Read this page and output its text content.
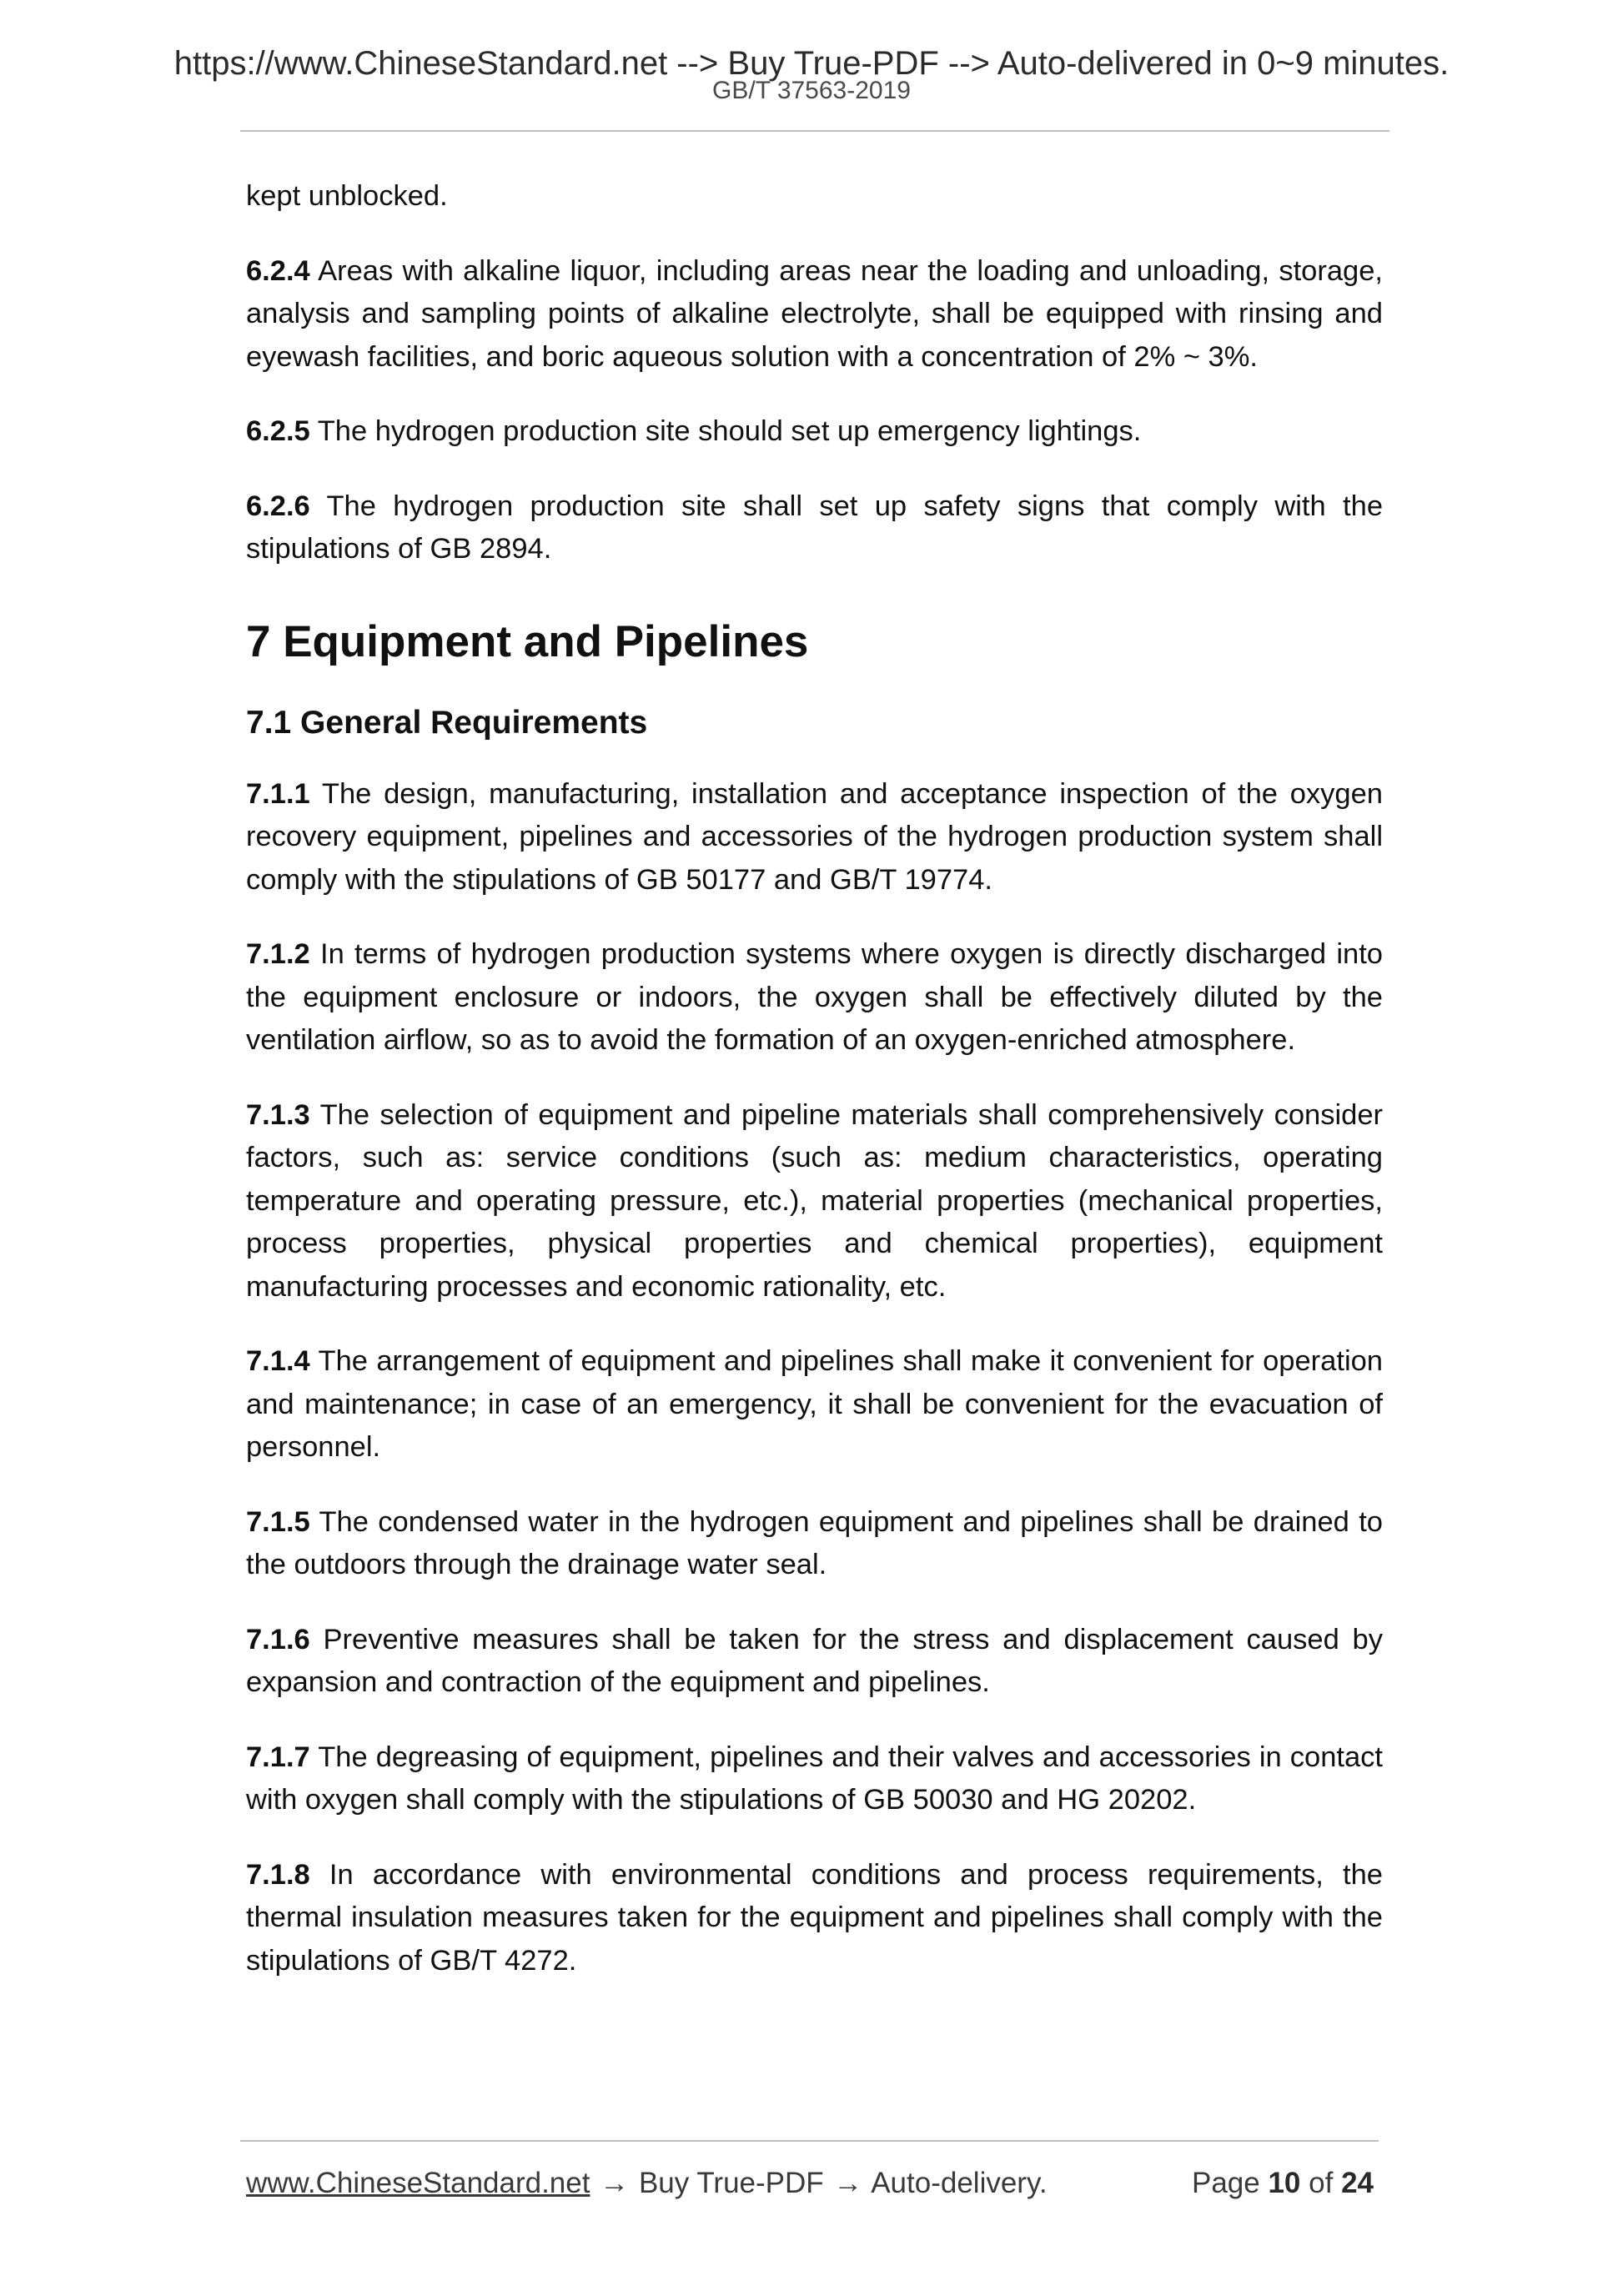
https://www.ChineseStandard.net --> Buy True-PDF --> Auto-delivered in 0~9 minutes.
GB/T 37563-2019

kept unblocked.

6.2.4 Areas with alkaline liquor, including areas near the loading and unloading, storage, analysis and sampling points of alkaline electrolyte, shall be equipped with rinsing and eyewash facilities, and boric aqueous solution with a concentration of 2% ~ 3%.

6.2.5 The hydrogen production site should set up emergency lightings.

6.2.6 The hydrogen production site shall set up safety signs that comply with the stipulations of GB 2894.

7 Equipment and Pipelines
7.1 General Requirements

7.1.1 The design, manufacturing, installation and acceptance inspection of the oxygen recovery equipment, pipelines and accessories of the hydrogen production system shall comply with the stipulations of GB 50177 and GB/T 19774.

7.1.2 In terms of hydrogen production systems where oxygen is directly discharged into the equipment enclosure or indoors, the oxygen shall be effectively diluted by the ventilation airflow, so as to avoid the formation of an oxygen-enriched atmosphere.

7.1.3 The selection of equipment and pipeline materials shall comprehensively consider factors, such as: service conditions (such as: medium characteristics, operating temperature and operating pressure, etc.), material properties (mechanical properties, process properties, physical properties and chemical properties), equipment manufacturing processes and economic rationality, etc.

7.1.4 The arrangement of equipment and pipelines shall make it convenient for operation and maintenance; in case of an emergency, it shall be convenient for the evacuation of personnel.

7.1.5 The condensed water in the hydrogen equipment and pipelines shall be drained to the outdoors through the drainage water seal.

7.1.6 Preventive measures shall be taken for the stress and displacement caused by expansion and contraction of the equipment and pipelines.

7.1.7 The degreasing of equipment, pipelines and their valves and accessories in contact with oxygen shall comply with the stipulations of GB 50030 and HG 20202.

7.1.8 In accordance with environmental conditions and process requirements, the thermal insulation measures taken for the equipment and pipelines shall comply with the stipulations of GB/T 4272.

www.ChineseStandard.net → Buy True-PDF → Auto-delivery.	Page 10 of 24
